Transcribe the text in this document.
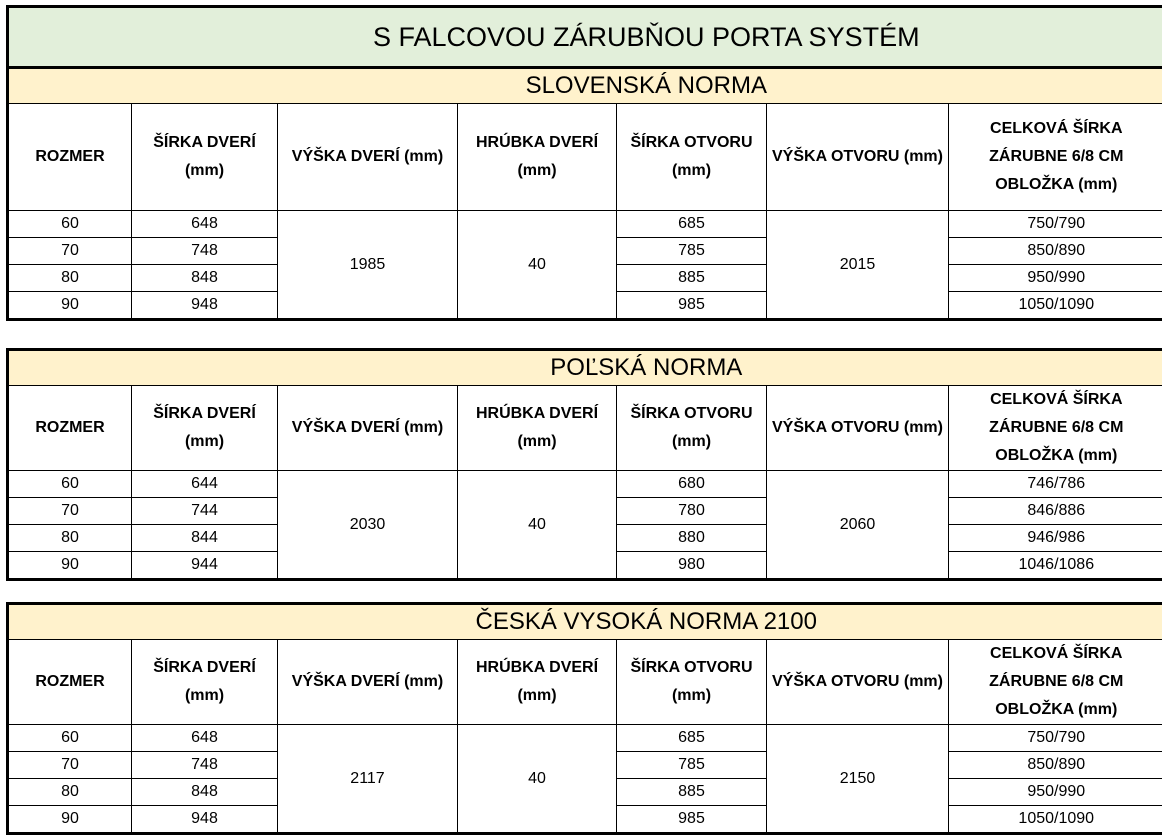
S FALCOVOU ZÁRUBŇOU PORTA SYSTÉM						
SLOVENSKÁ NORMA						
ROZMER	ŠÍRKA DVERÍ (mm)	VÝŠKA DVERÍ (mm)	HRÚBKA DVERÍ (mm)	ŠÍRKA OTVORU (mm)	VÝŠKA OTVORU (mm)	CELKOVÁ ŠÍRKA ZÁRUBNE 6/8 CM OBLOŽKA (mm)
60	648	1985	40	685	2015	750/790
70	748			785		850/890
80	848			885		950/990
90	948			985		1050/1090
POĽSKÁ NORMA						
ROZMER	ŠÍRKA DVERÍ (mm)	VÝŠKA DVERÍ (mm)	HRÚBKA DVERÍ (mm)	ŠÍRKA OTVORU (mm)	VÝŠKA OTVORU (mm)	CELKOVÁ ŠÍRKA ZÁRUBNE 6/8 CM OBLOŽKA (mm)
60	644	2030	40	680	2060	746/786
70	744			780		846/886
80	844			880		946/986
90	944			980		1046/1086
ČESKÁ VYSOKÁ NORMA 2100						
ROZMER	ŠÍRKA DVERÍ (mm)	VÝŠKA DVERÍ (mm)	HRÚBKA DVERÍ (mm)	ŠÍRKA OTVORU (mm)	VÝŠKA OTVORU (mm)	CELKOVÁ ŠÍRKA ZÁRUBNE 6/8 CM OBLOŽKA (mm)
60	648	2117	40	685	2150	750/790
70	748			785		850/890
80	848			885		950/990
90	948			985		1050/1090
